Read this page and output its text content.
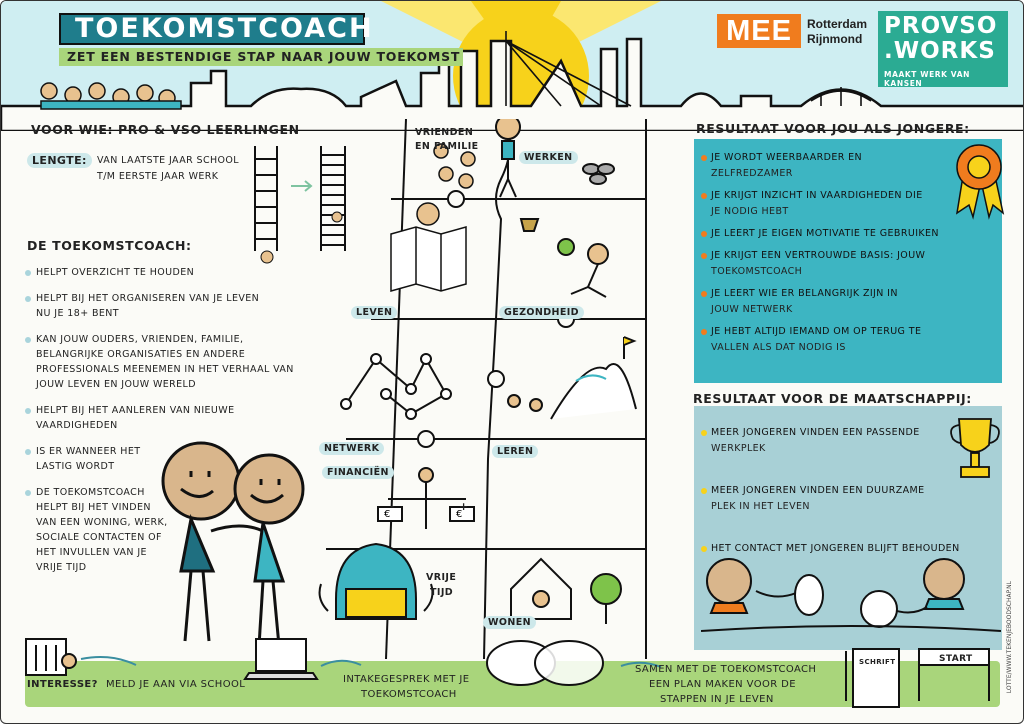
TOEKOMSTCOACH
ZET EEN BESTENDIGE STAP NAAR JOUW TOEKOMST
MEE	Rotterdam
Rijnmond PROVSO
.WORKS
MAAKT WERK VAN KANSEN
VOOR WIE: PRO & VSO LEERLINGEN
LENGTE:	VAN LAATSTE JAAR SCHOOL
T/M EERSTE JAAR WERK
DE TOEKOMSTCOACH:
HELPT OVERZICHT TE HOUDEN
HELPT BIJ HET ORGANISEREN VAN JE LEVEN
NU JE 18+ BENT
KAN JOUW OUDERS, VRIENDEN, FAMILIE,
BELANGRIJKE ORGANISATIES EN ANDERE
PROFESSIONALS MEENEMEN IN HET VERHAAL VAN
JOUW LEVEN EN JOUW WERELD
HELPT BIJ HET AANLEREN VAN NIEUWE
VAARDIGHEDEN
IS ER WANNEER HET
LASTIG WORDT
DE TOEKOMSTCOACH
HELPT BIJ HET VINDEN
VAN EEN WONING, WERK,
SOCIALE CONTACTEN OF
HET INVULLEN VAN JE
VRIJE TIJD
VRIENDEN
EN FAMILIE
WERKEN
LEVEN	GEZONDHEID
NETWERK	LEREN
FINANCIËN
-	+
€	€
VRIJE
TIJD
WONEN
RESULTAAT VOOR JOU ALS JONGERE:
JE WORDT WEERBAARDER EN
ZELFREDZAMER
JE KRIJGT INZICHT IN VAARDIGHEDEN DIE
JE NODIG HEBT
JE LEERT JE EIGEN MOTIVATIE TE GEBRUIKEN
JE KRIJGT EEN VERTROUWDE BASIS: JOUW
TOEKOMSTCOACH
JE LEERT WIE ER BELANGRIJK ZIJN IN
JOUW NETWERK
JE HEBT ALTIJD IEMAND OM OP TERUG TE
VALLEN ALS DAT NODIG IS
RESULTAAT VOOR DE MAATSCHAPPIJ:
MEER JONGEREN VINDEN EEN PASSENDE
WERKPLEK
MEER JONGEREN VINDEN EEN DUURZAME
PLEK IN HET LEVEN
HET CONTACT MET JONGEREN BLIJFT BEHOUDEN
INTERESSE? MELD JE AAN VIA SCHOOL	INTAKEGESPREK MET JE
TOEKOMSTCOACH
SAMEN MET DE TOEKOMSTCOACH
EEN PLAN MAKEN VOOR DE
STAPPEN IN JE LEVEN
SCHRIFT	START	LOTTE/WWW.TEKENJEBOODSCHAP.NL
